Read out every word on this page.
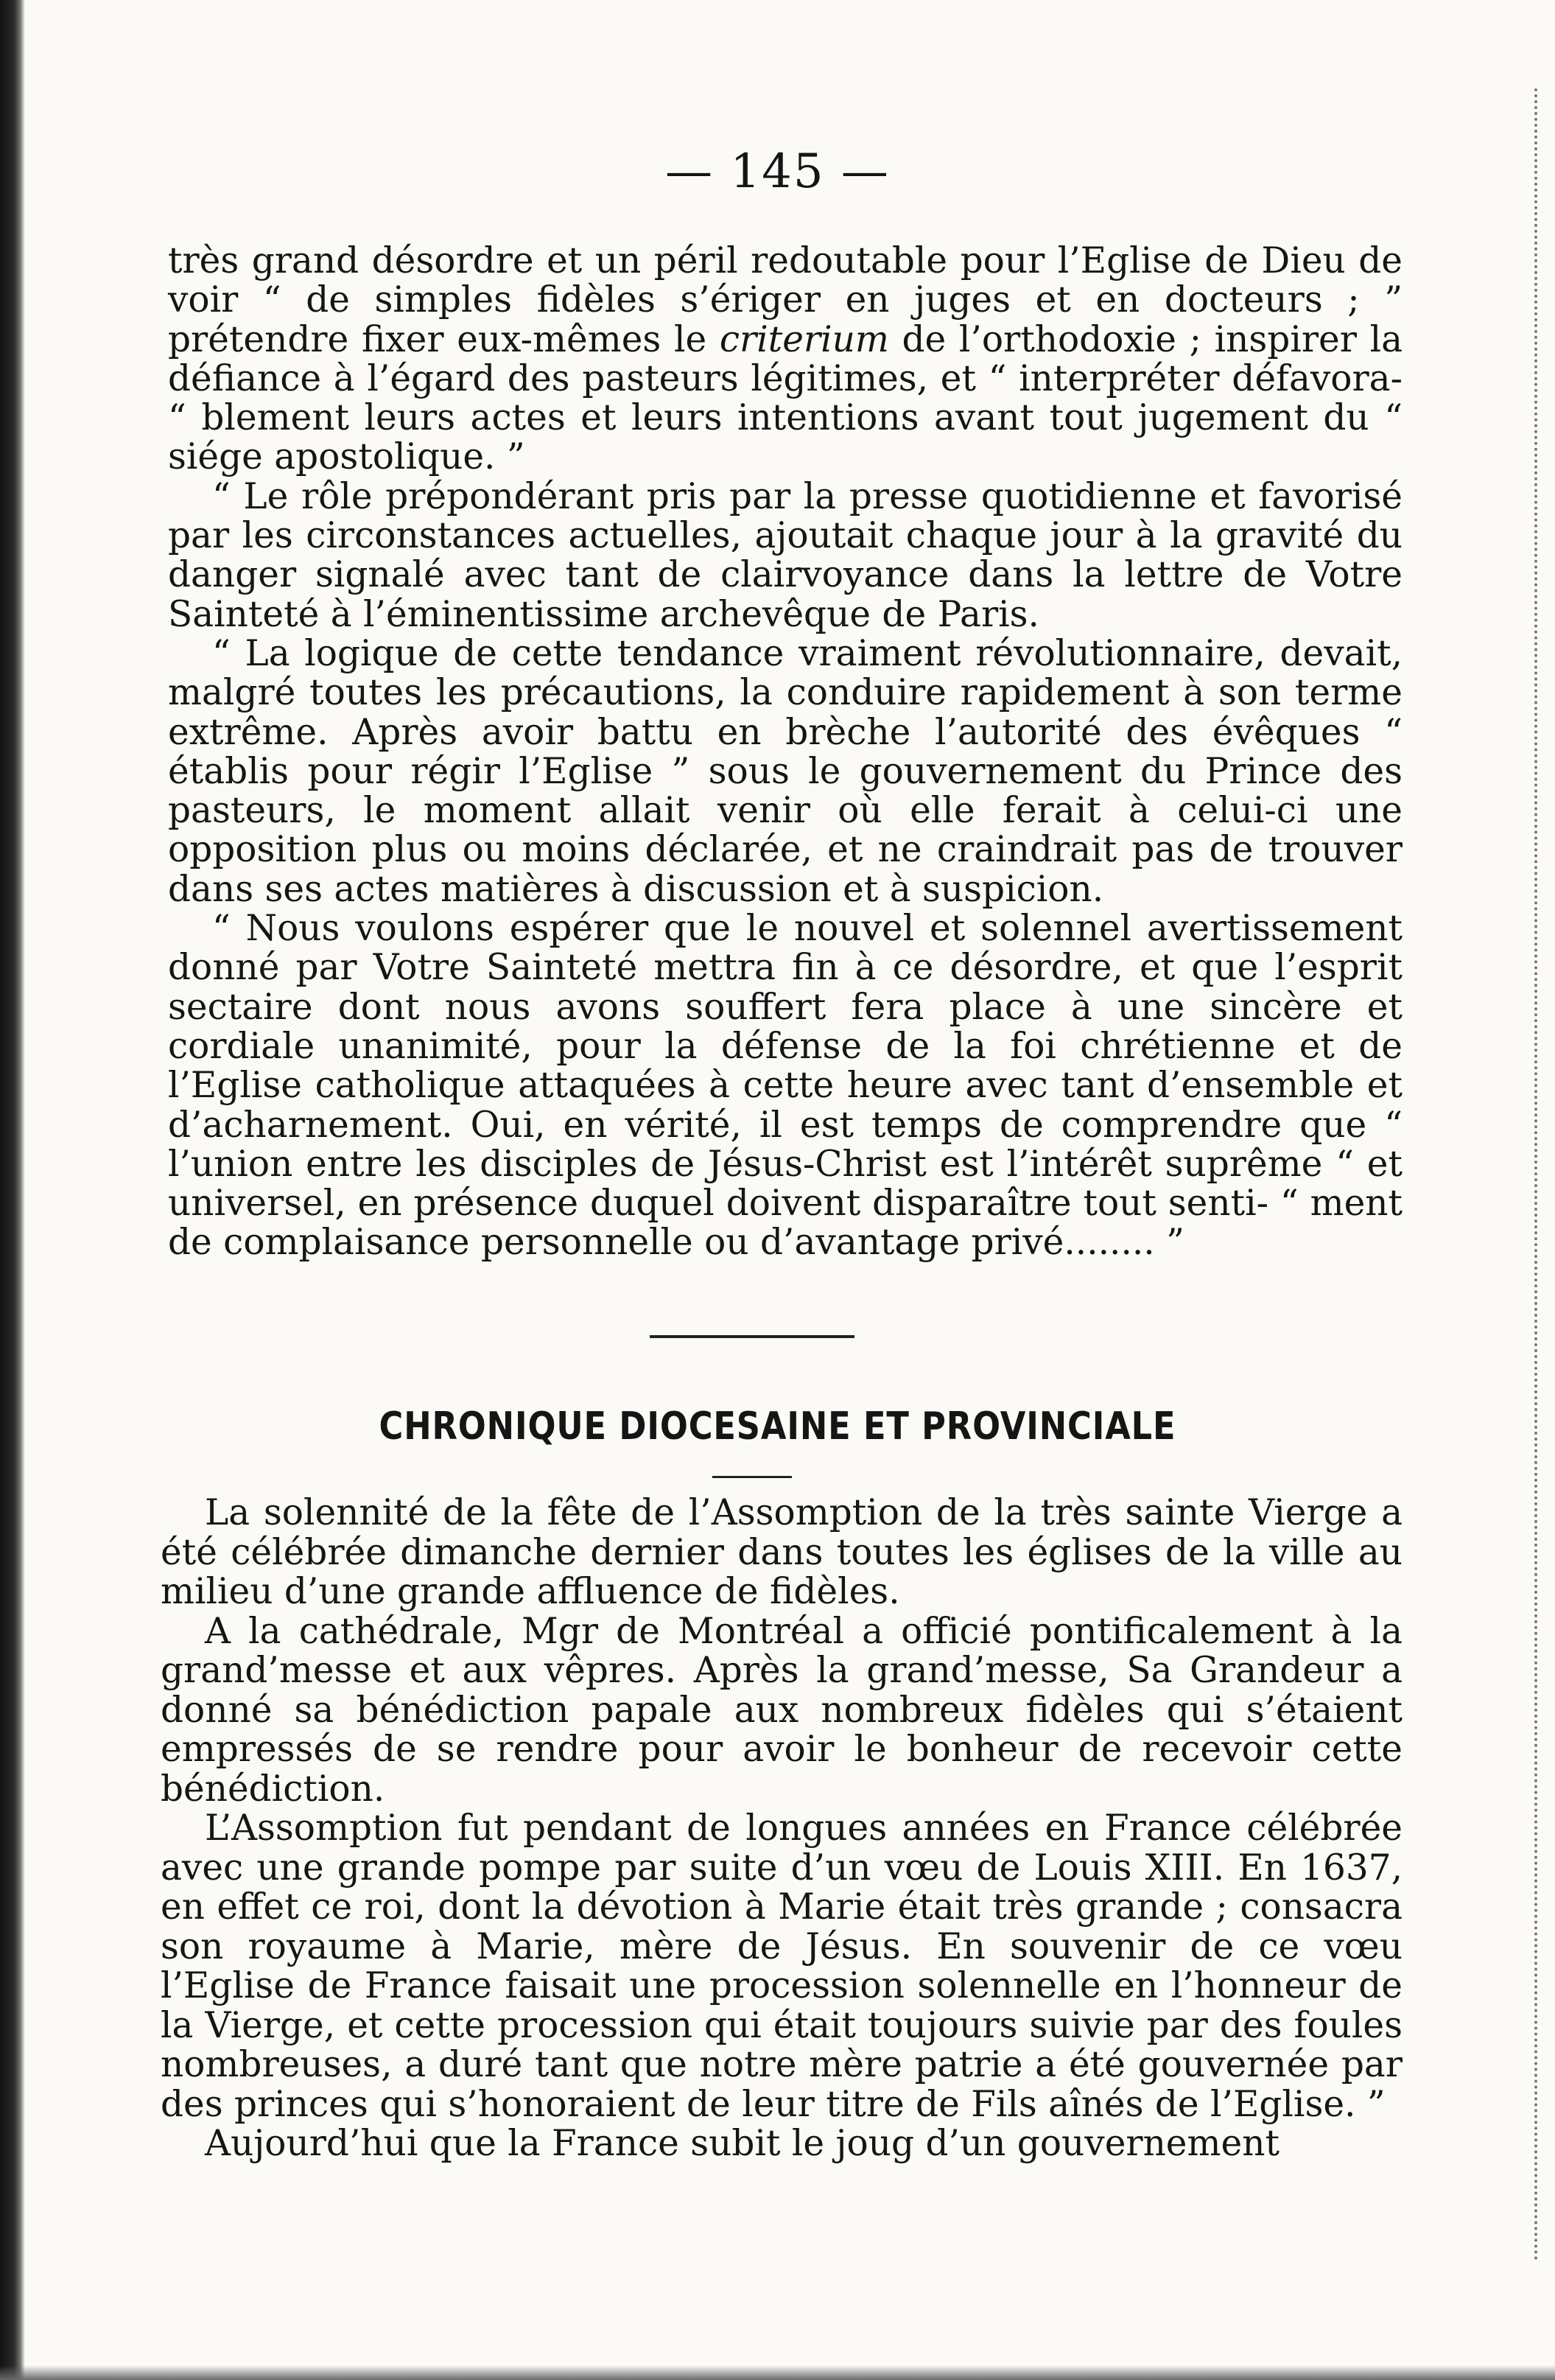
— 145 —

très grand désordre et un péril redoutable pour l’Eglise de Dieu de voir “ de simples fidèles s’ériger en juges et en docteurs ; ” prétendre fixer eux-mêmes le criterium de l’orthodoxie ; inspirer la défiance à l’égard des pasteurs légitimes, et “ interpréter défavora- “ blement leurs actes et leurs intentions avant tout jugement du “ siége apostolique. ”

“ Le rôle prépondérant pris par la presse quotidienne et favorisé par les circonstances actuelles, ajoutait chaque jour à la gravité du danger signalé avec tant de clairvoyance dans la lettre de Votre Sainteté à l’éminentissime archevêque de Paris.

“ La logique de cette tendance vraiment révolutionnaire, devait, malgré toutes les précautions, la conduire rapidement à son terme extrême. Après avoir battu en brèche l’autorité des évêques “ établis pour régir l’Eglise ” sous le gouvernement du Prince des pasteurs, le moment allait venir où elle ferait à celui-ci une opposition plus ou moins déclarée, et ne craindrait pas de trouver dans ses actes matières à discussion et à suspicion.

“ Nous voulons espérer que le nouvel et solennel avertissement donné par Votre Sainteté mettra fin à ce désordre, et que l’esprit sectaire dont nous avons souffert fera place à une sincère et cordiale unanimité, pour la défense de la foi chrétienne et de l’Eglise catholique attaquées à cette heure avec tant d’ensemble et d’acharnement. Oui, en vérité, il est temps de comprendre que “ l’union entre les disciples de Jésus-Christ est l’intérêt suprême “ et universel, en présence duquel doivent disparaître tout senti- “ ment de complaisance personnelle ou d’avantage privé........ ”

CHRONIQUE DIOCESAINE ET PROVINCIALE

La solennité de la fête de l’Assomption de la très sainte Vierge a été célébrée dimanche dernier dans toutes les églises de la ville au milieu d’une grande affluence de fidèles.

A la cathédrale, Mgr de Montréal a officié pontificalement à la grand’messe et aux vêpres. Après la grand’messe, Sa Grandeur a donné sa bénédiction papale aux nombreux fidèles qui s’étaient empressés de se rendre pour avoir le bonheur de recevoir cette bénédiction.

L’Assomption fut pendant de longues années en France célébrée avec une grande pompe par suite d’un vœu de Louis XIII. En 1637, en effet ce roi, dont la dévotion à Marie était très grande ; consacra son royaume à Marie, mère de Jésus. En souvenir de ce vœu l’Eglise de France faisait une procession solennelle en l’honneur de la Vierge, et cette procession qui était toujours suivie par des foules nombreuses, a duré tant que notre mère patrie a été gouvernée par des princes qui s’honoraient de leur titre de Fils aînés de l’Eglise. ”

Aujourd’hui que la France subit le joug d’un gouvernement
